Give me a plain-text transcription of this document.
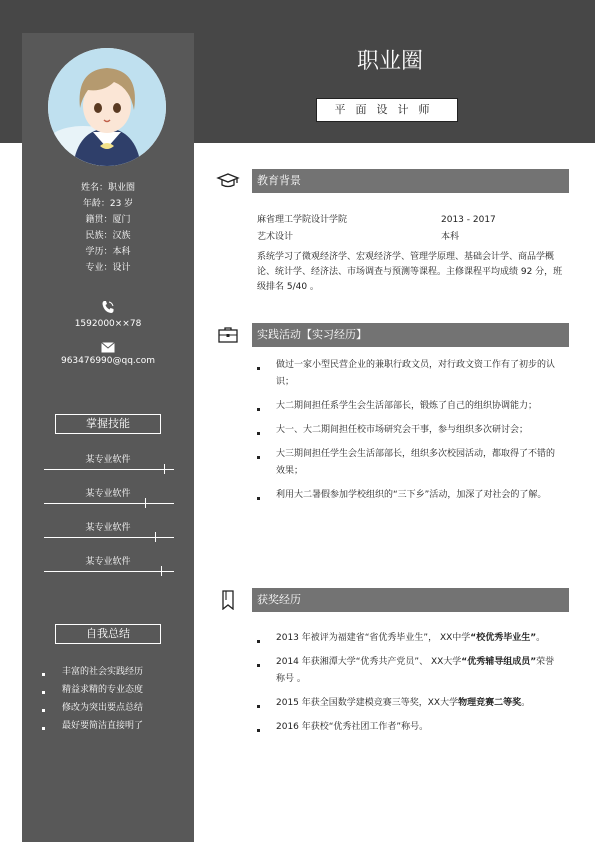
姓名：职业圈
年龄：23 岁
籍贯：厦门
民族：汉族
学历：本科
专业：设计
1592000××78
963476990@qq.com
掌握技能
某专业软件
某专业软件
某专业软件
某专业软件
自我总结
丰富的社会实践经历
精益求精的专业态度
修改为突出要点总结
最好要简洁直接明了
职业圈
平面设计师
教育背景
麻省理工学院设计学院	2013 - 2017
艺术设计	本科
系统学习了微观经济学、宏观经济学、管理学原理、基础会计学、商品学概论、统计学、经济法、市场调查与预测等课程。主修课程平均成绩 92 分，班级排名 5/40 。
实践活动【实习经历】
做过一家小型民营企业的兼职行政文员，对行政文资工作有了初步的认识；
大二期间担任系学生会生活部部长，锻炼了自己的组织协调能力；
大一、大二期间担任校市场研究会干事，参与组织多次研讨会；
大三期间担任学生会生活部部长，组织多次校园活动，都取得了不错的效果；
利用大二暑假参加学校组织的“三下乡”活动，加深了对社会的了解。
获奖经历
2013 年被评为福建省“省优秀毕业生”， XX中学“校优秀毕业生”。
2014 年获湘潭大学“优秀共产党员”、 XX大学“优秀辅导组成员”荣誉称号 。
2015 年获全国数学建模竞赛三等奖，XX大学物理竞赛二等奖。
2016 年获校“优秀社团工作者”称号。
